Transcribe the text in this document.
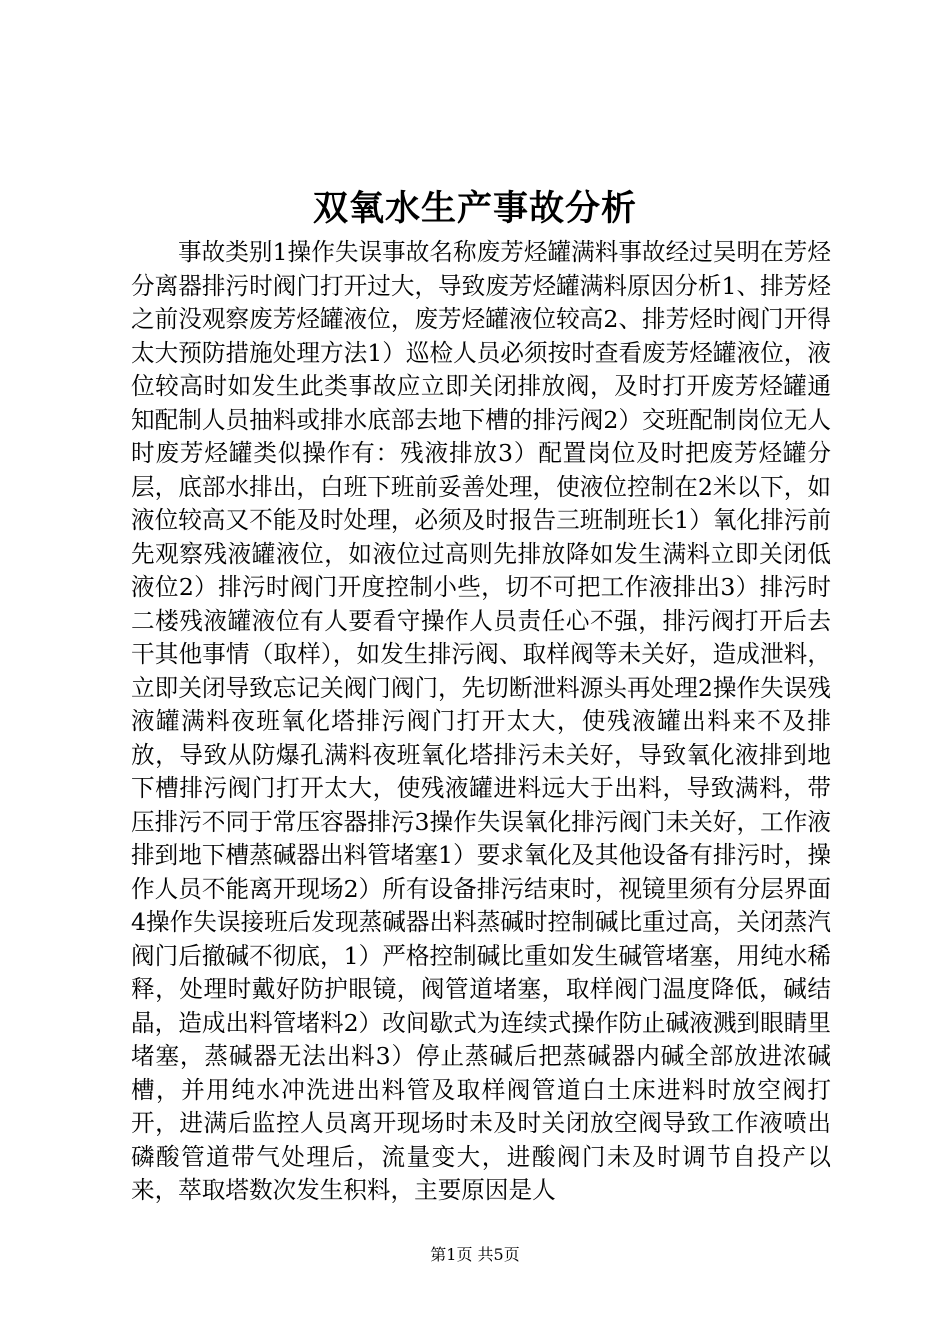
双氧水生产事故分析

事故类别1操作失误事故名称废芳烃罐满料事故经过吴明在芳烃分离器排污时阀门打开过大，导致废芳烃罐满料原因分析1、排芳烃之前没观察废芳烃罐液位，废芳烃罐液位较高2、排芳烃时阀门开得太大预防措施处理方法1）巡检人员必须按时查看废芳烃罐液位，液位较高时如发生此类事故应立即关闭排放阀，及时打开废芳烃罐通知配制人员抽料或排水底部去地下槽的排污阀2）交班配制岗位无人时废芳烃罐类似操作有：残液排放3）配置岗位及时把废芳烃罐分层，底部水排出，白班下班前妥善处理，使液位控制在2米以下，如液位较高又不能及时处理，必须及时报告三班制班长1）氧化排污前先观察残液罐液位，如液位过高则先排放降如发生满料立即关闭低液位2）排污时阀门开度控制小些，切不可把工作液排出3）排污时二楼残液罐液位有人要看守操作人员责任心不强，排污阀打开后去干其他事情（取样），如发生排污阀、取样阀等未关好，造成泄料，立即关闭导致忘记关阀门阀门，先切断泄料源头再处理2操作失误残液罐满料夜班氧化塔排污阀门打开太大，使残液罐出料来不及排放，导致从防爆孔满料夜班氧化塔排污未关好，导致氧化液排到地下槽排污阀门打开太大，使残液罐进料远大于出料，导致满料，带压排污不同于常压容器排污3操作失误氧化排污阀门未关好，工作液排到地下槽蒸碱器出料管堵塞1）要求氧化及其他设备有排污时，操作人员不能离开现场2）所有设备排污结束时，视镜里须有分层界面4操作失误接班后发现蒸碱器出料蒸碱时控制碱比重过高，关闭蒸汽阀门后撤碱不彻底，1）严格控制碱比重如发生碱管堵塞，用纯水稀释，处理时戴好防护眼镜，阀管道堵塞，取样阀门温度降低，碱结晶，造成出料管堵料2）改间歇式为连续式操作防止碱液溅到眼睛里堵塞，蒸碱器无法出料3）停止蒸碱后把蒸碱器内碱全部放进浓碱槽，并用纯水冲洗进出料管及取样阀管道白土床进料时放空阀打开，进满后监控人员离开现场时未及时关闭放空阀导致工作液喷出磷酸管道带气处理后，流量变大，进酸阀门未及时调节自投产以来，萃取塔数次发生积料，主要原因是人

第1页 共5页
